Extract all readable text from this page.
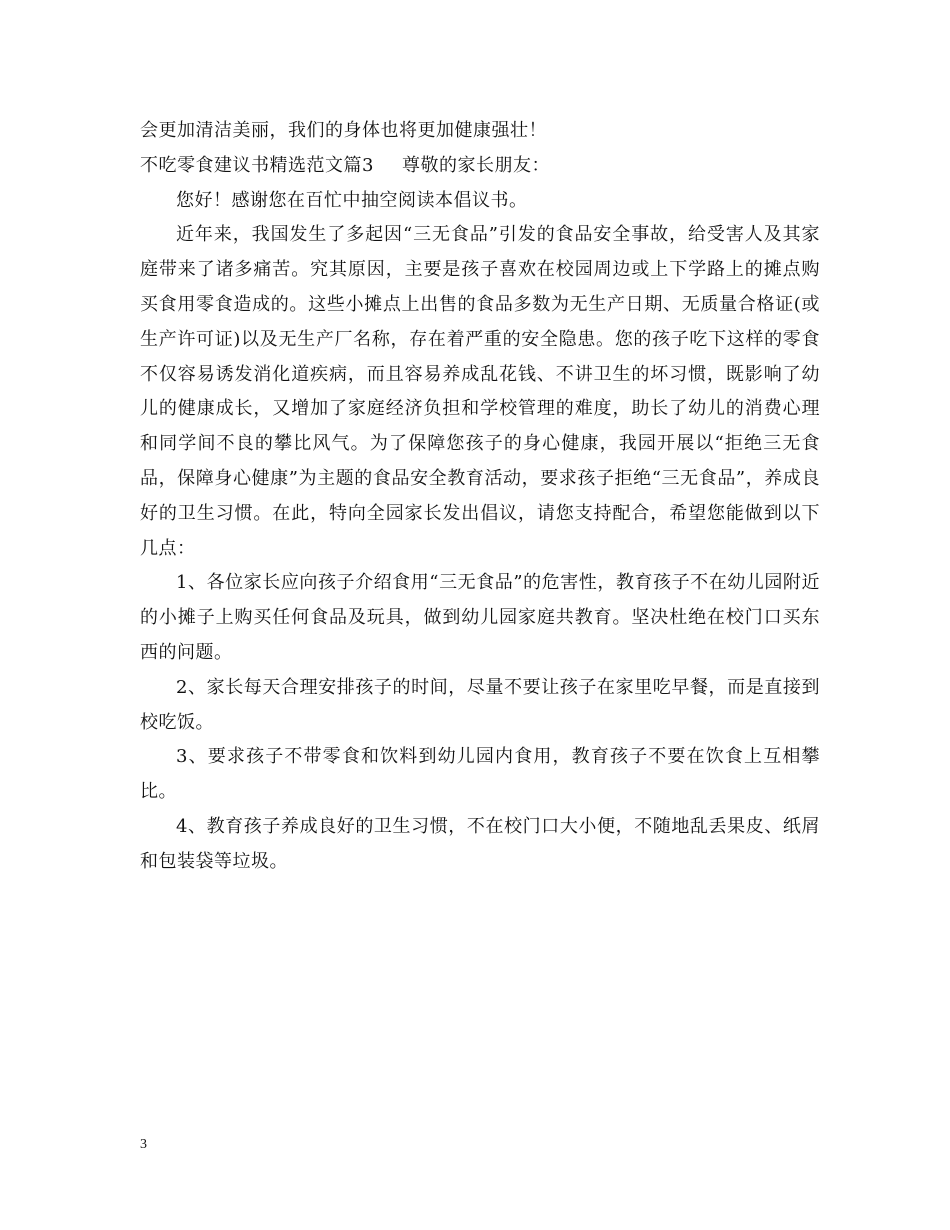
会更加清洁美丽，我们的身体也将更加健康强壮！
不吃零食建议书精选范文篇3 尊敬的家长朋友：

您好！感谢您在百忙中抽空阅读本倡议书。

近年来，我国发生了多起因“三无食品”引发的食品安全事故，给受害人及其家庭带来了诸多痛苦。究其原因，主要是孩子喜欢在校园周边或上下学路上的摊点购买食用零食造成的。这些小摊点上出售的食品多数为无生产日期、无质量合格证(或生产许可证)以及无生产厂名称，存在着严重的安全隐患。您的孩子吃下这样的零食不仅容易诱发消化道疾病，而且容易养成乱花钱、不讲卫生的坏习惯，既影响了幼儿的健康成长，又增加了家庭经济负担和学校管理的难度，助长了幼儿的消费心理和同学间不良的攀比风气。为了保障您孩子的身心健康，我园开展以“拒绝三无食品，保障身心健康”为主题的食品安全教育活动，要求孩子拒绝“三无食品”，养成良好的卫生习惯。在此，特向全园家长发出倡议，请您支持配合，希望您能做到以下几点：

1、各位家长应向孩子介绍食用“三无食品”的危害性，教育孩子不在幼儿园附近的小摊子上购买任何食品及玩具，做到幼儿园家庭共教育。坚决杜绝在校门口买东西的问题。

2、家长每天合理安排孩子的时间，尽量不要让孩子在家里吃早餐，而是直接到校吃饭。

3、要求孩子不带零食和饮料到幼儿园内食用，教育孩子不要在饮食上互相攀比。

4、教育孩子养成良好的卫生习惯，不在校门口大小便，不随地乱丢果皮、纸屑和包装袋等垃圾。

3
